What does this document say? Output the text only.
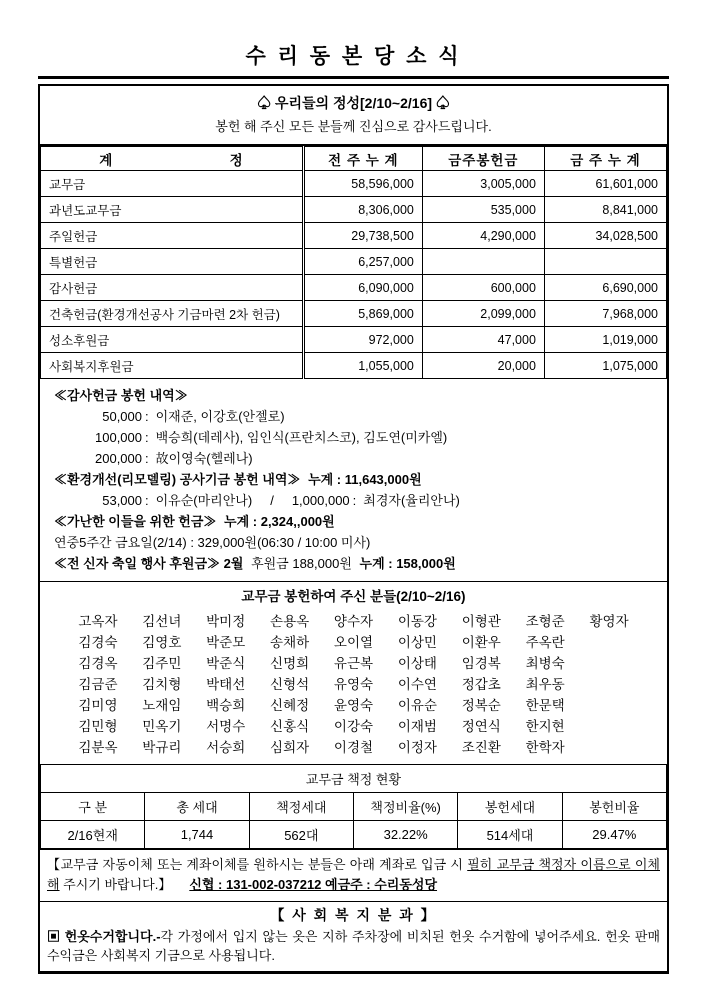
수 리 동 본 당 소 식
♤ 우리들의 정성[2/10~2/16] ♤
봉헌 해 주신 모든 분들께 진심으로 감사드립니다.
계 정	전 주 누 계	금주봉헌금	금 주 누 계
교무금	58,596,000	3,005,000	61,601,000
과년도교무금	8,306,000	535,000	8,841,000
주일헌금	29,738,500	4,290,000	34,028,500
특별헌금	6,257,000		
감사헌금	6,090,000	600,000	6,690,000
건축헌금(환경개선공사 기금마련 2차 헌금)	5,869,000	2,099,000	7,968,000
성소후원금	972,000	47,000	1,019,000
사회복지후원금	1,055,000	20,000	1,075,000
≪감사헌금 봉헌 내역≫
50,000 : 이재준, 이강호(안젤로)
100,000 : 백승희(데레사), 임인식(프란치스코), 김도연(미카엘)
200,000 : 故이영숙(헬레나)
≪환경개선(리모델링) 공사기금 봉헌 내역≫ 누계 : 11,643,000원
53,000 : 이유순(마리안나) / 1,000,000 : 최경자(율리안나)
≪가난한 이들을 위한 헌금≫ 누계 : 2,324,,000원
연중5주간 금요일(2/14) : 329,000원(06:30 / 10:00 미사)
≪전 신자 축일 행사 후원금≫ 2월 후원금 188,000원 누계 : 158,000원
교무금 봉헌하여 주신 분들(2/10~2/16)
고옥자	김선녀	박미정	손용옥	양수자	이동강	이형관	조형준	황영자
김경숙	김영호	박준모	송채하	오이열	이상민	이환우	주옥란
김경옥	김주민	박준식	신명희	유근복	이상태	임경복	최병숙
김금준	김치형	박태선	신형석	유영숙	이수연	정갑초	최우동
김미영	노재임	백승희	신혜정	윤영숙	이유순	정복순	한문택
김민형	민옥기	서명수	신홍식	이강숙	이재범	정연식	한지현
김분옥	박규리	서승희	심희자	이경철	이정자	조진환	한학자
교무금 책정 현황					
구 분	총 세대	책정세대	책정비율(%)	봉헌세대	봉헌비율
2/16현재	1,744	562대	32.22%	514세대	29.47%
【교무금 자동이체 또는 계좌이체를 원하시는 분들은 아래 계좌로 입금 시 필히 교무금 책정자 이름으로 이체해 주시기 바랍니다.】 신협 : 131-002-037212 예금주 : 수리동성당
【 사 회 복 지 분 과 】
▣ 헌옷수거합니다.-각 가정에서 입지 않는 옷은 지하 주차장에 비치된 헌옷 수거함에 넣어주세요. 헌옷 판매 수익금은 사회복지 기금으로 사용됩니다.
